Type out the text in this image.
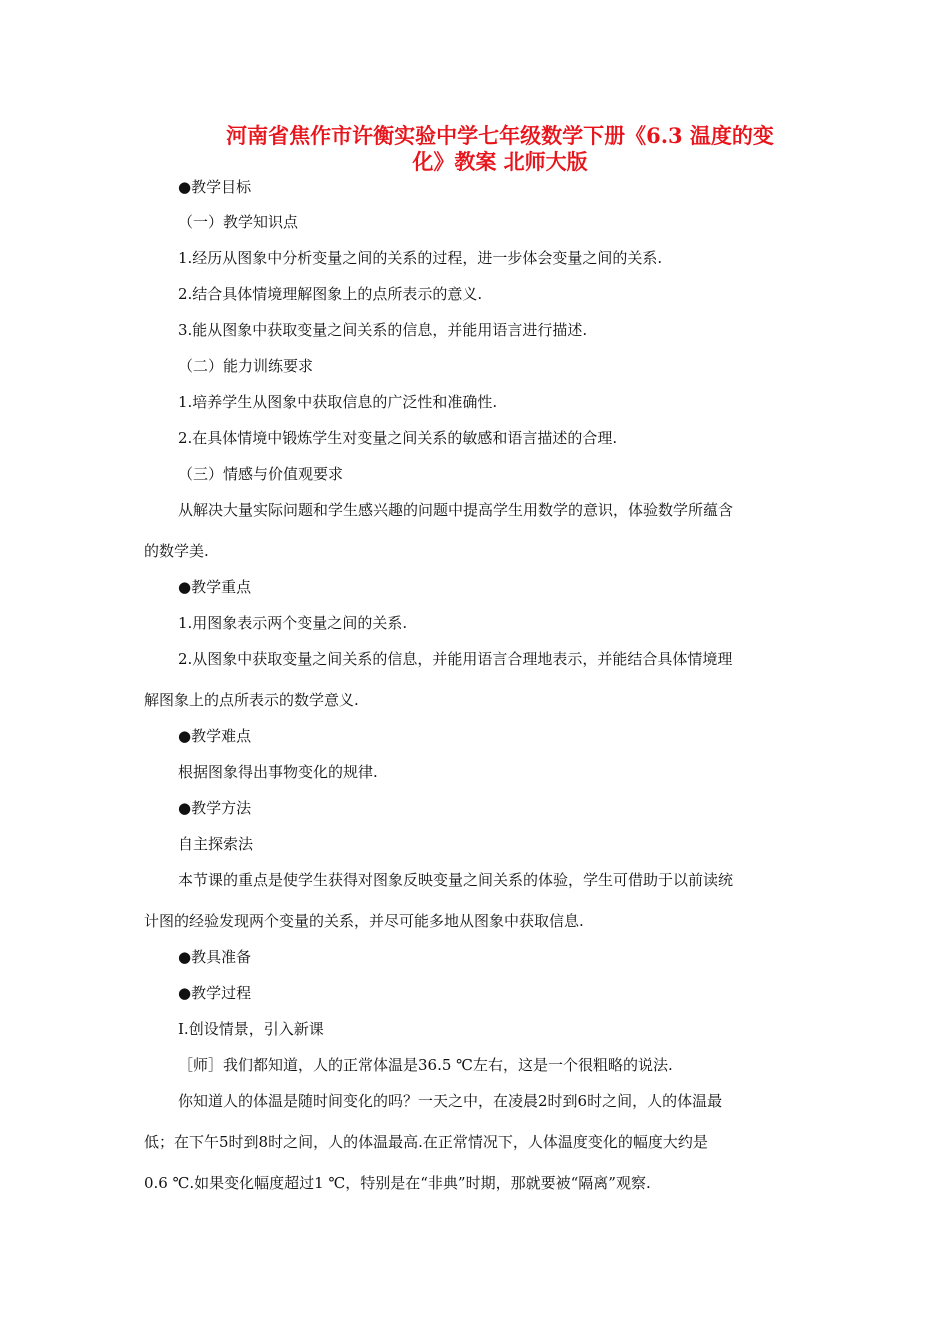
河南省焦作市许衡实验中学七年级数学下册《6.3 温度的变
化》教案 北师大版
●教学目标
（一）教学知识点
1.经历从图象中分析变量之间的关系的过程，进一步体会变量之间的关系.
2.结合具体情境理解图象上的点所表示的意义.
3.能从图象中获取变量之间关系的信息，并能用语言进行描述.
（二）能力训练要求
1.培养学生从图象中获取信息的广泛性和准确性.
2.在具体情境中锻炼学生对变量之间关系的敏感和语言描述的合理.
（三）情感与价值观要求
从解决大量实际问题和学生感兴趣的问题中提高学生用数学的意识，体验数学所蕴含
的数学美.
●教学重点
1.用图象表示两个变量之间的关系.
2.从图象中获取变量之间关系的信息，并能用语言合理地表示，并能结合具体情境理
解图象上的点所表示的数学意义.
●教学难点
根据图象得出事物变化的规律.
●教学方法
自主探索法
本节课的重点是使学生获得对图象反映变量之间关系的体验，学生可借助于以前读统
计图的经验发现两个变量的关系，并尽可能多地从图象中获取信息.
●教具准备
●教学过程
Ⅰ.创设情景，引入新课
［师］我们都知道，人的正常体温是36.5 ℃左右，这是一个很粗略的说法.
你知道人的体温是随时间变化的吗？一天之中，在凌晨2时到6时之间，人的体温最
低；在下午5时到8时之间，人的体温最高.在正常情况下，人体温度变化的幅度大约是
0.6 ℃.如果变化幅度超过1 ℃，特别是在“非典”时期，那就要被“隔离”观察.
